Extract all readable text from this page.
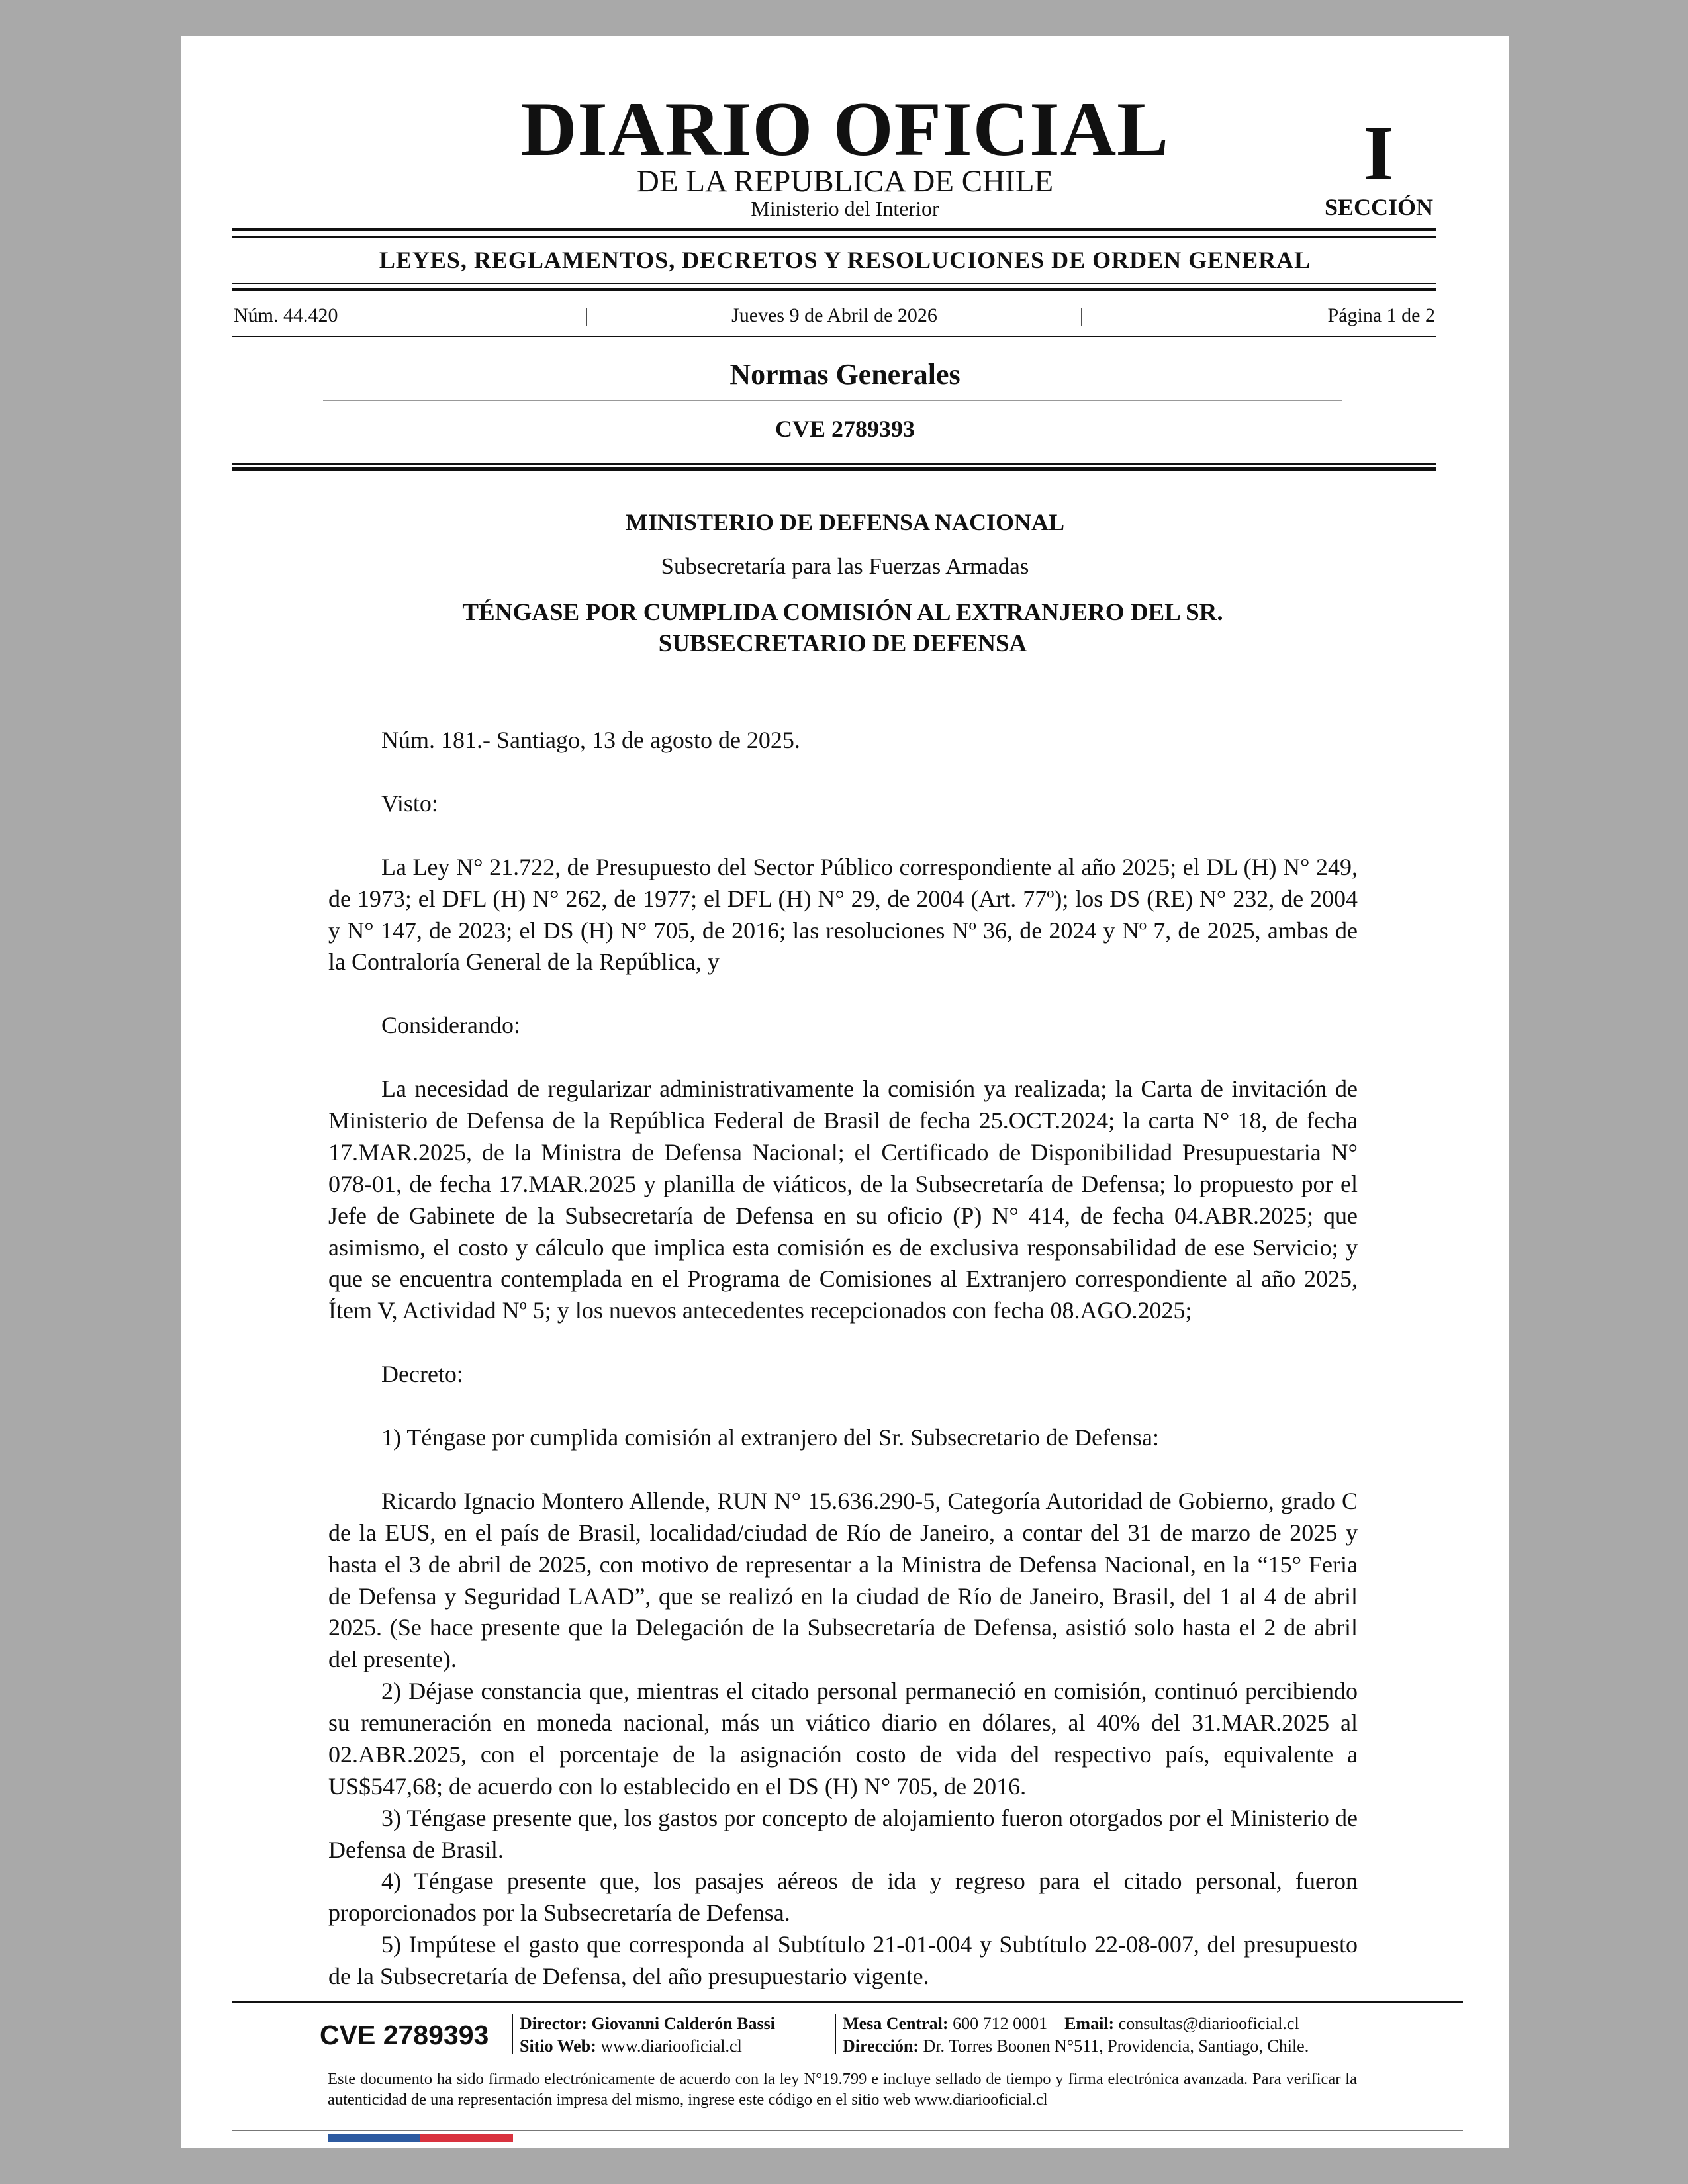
DIARIO OFICIAL
DE LA REPUBLICA DE CHILE
Ministerio del Interior
I
SECCIÓN
LEYES, REGLAMENTOS, DECRETOS Y RESOLUCIONES DE ORDEN GENERAL
Núm. 44.420	|	Jueves 9 de Abril de 2026	|	Página 1 de 2
Normas Generales
CVE 2789393
MINISTERIO DE DEFENSA NACIONAL
Subsecretaría para las Fuerzas Armadas
TÉNGASE POR CUMPLIDA COMISIÓN AL EXTRANJERO DEL SR.
SUBSECRETARIO DE DEFENSA

Núm. 181.- Santiago, 13 de agosto de 2025.

Visto:

La Ley N° 21.722, de Presupuesto del Sector Público correspondiente al año 2025; el DL (H) N° 249, de 1973; el DFL (H) N° 262, de 1977; el DFL (H) N° 29, de 2004 (Art. 77º); los DS (RE) N° 232, de 2004 y N° 147, de 2023; el DS (H) N° 705, de 2016; las resoluciones Nº 36, de 2024 y Nº 7, de 2025, ambas de la Contraloría General de la República, y

Considerando:

La necesidad de regularizar administrativamente la comisión ya realizada; la Carta de invitación de Ministerio de Defensa de la República Federal de Brasil de fecha 25.OCT.2024; la carta N° 18, de fecha 17.MAR.2025, de la Ministra de Defensa Nacional; el Certificado de Disponibilidad Presupuestaria N° 078-01, de fecha 17.MAR.2025 y planilla de viáticos, de la Subsecretaría de Defensa; lo propuesto por el Jefe de Gabinete de la Subsecretaría de Defensa en su oficio (P) N° 414, de fecha 04.ABR.2025; que asimismo, el costo y cálculo que implica esta comisión es de exclusiva responsabilidad de ese Servicio; y que se encuentra contemplada en el Programa de Comisiones al Extranjero correspondiente al año 2025, Ítem V, Actividad Nº 5; y los nuevos antecedentes recepcionados con fecha 08.AGO.2025;

Decreto:

1) Téngase por cumplida comisión al extranjero del Sr. Subsecretario de Defensa:

Ricardo Ignacio Montero Allende, RUN N° 15.636.290-5, Categoría Autoridad de Gobierno, grado C de la EUS, en el país de Brasil, localidad/ciudad de Río de Janeiro, a contar del 31 de marzo de 2025 y hasta el 3 de abril de 2025, con motivo de representar a la Ministra de Defensa Nacional, en la “15° Feria de Defensa y Seguridad LAAD”, que se realizó en la ciudad de Río de Janeiro, Brasil, del 1 al 4 de abril 2025. (Se hace presente que la Delegación de la Subsecretaría de Defensa, asistió solo hasta el 2 de abril del presente).

2) Déjase constancia que, mientras el citado personal permaneció en comisión, continuó percibiendo su remuneración en moneda nacional, más un viático diario en dólares, al 40% del 31.MAR.2025 al 02.ABR.2025, con el porcentaje de la asignación costo de vida del respectivo país, equivalente a US$547,68; de acuerdo con lo establecido en el DS (H) N° 705, de 2016.

3) Téngase presente que, los gastos por concepto de alojamiento fueron otorgados por el Ministerio de Defensa de Brasil.

4) Téngase presente que, los pasajes aéreos de ida y regreso para el citado personal, fueron proporcionados por la Subsecretaría de Defensa.

5) Impútese el gasto que corresponda al Subtítulo 21-01-004 y Subtítulo 22-08-007, del presupuesto de la Subsecretaría de Defensa, del año presupuestario vigente.

CVE 2789393 Director: Giovanni Calderón Bassi
Sitio Web: www.diariooficial.cl
Mesa Central: 600 712 0001 Email: consultas@diariooficial.cl
Dirección: Dr. Torres Boonen N°511, Providencia, Santiago, Chile.
Este documento ha sido firmado electrónicamente de acuerdo con la ley N°19.799 e incluye sellado de tiempo y firma electrónica avanzada. Para verificar la autenticidad de una representación impresa del mismo, ingrese este código en el sitio web www.diariooficial.cl
